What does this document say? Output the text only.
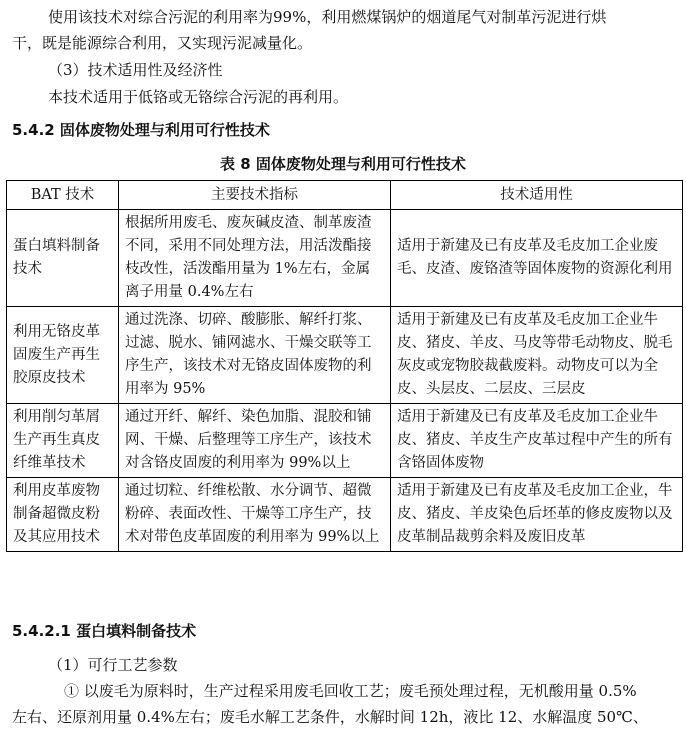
使用该技术对综合污泥的利用率为99%，利用燃煤锅炉的烟道尾气对制革污泥进行烘
干，既是能源综合利用，又实现污泥减量化。
（3）技术适用性及经济性
本技术适用于低铬或无铬综合污泥的再利用。
5.4.2 固体废物处理与利用可行性技术
表 8 固体废物处理与利用可行性技术
BAT 技术	主要技术指标	技术适用性
蛋白填料制备技术	根据所用废毛、废灰碱皮渣、制革废渣不同，采用不同处理方法，用活泼酯接枝改性，活泼酯用量为 1%左右，金属离子用量 0.4%左右	适用于新建及已有皮革及毛皮加工企业废毛、皮渣、废铬渣等固体废物的资源化利用
利用无铬皮革固废生产再生胶原皮技术	通过洗涤、切碎、酸膨胀、解纤打浆、过滤、脱水、铺网滤水、干燥交联等工序生产，该技术对无铬皮固体废物的利用率为 95%	适用于新建及已有皮革及毛皮加工企业牛皮、猪皮、羊皮、马皮等带毛动物皮、脱毛灰皮或宠物胶裁截废料。动物皮可以为全皮、头层皮、二层皮、三层皮
利用削匀革屑生产再生真皮纤维革技术	通过开纤、解纤、染色加脂、混胶和铺网、干燥、后整理等工序生产，该技术对含铬皮固废的利用率为 99%以上	适用于新建及已有皮革及毛皮加工企业牛皮、猪皮、羊皮生产皮革过程中产生的所有含铬固体废物
利用皮革废物制备超微皮粉及其应用技术	通过切粒、纤维松散、水分调节、超微粉碎、表面改性、干燥等工序生产，技术对带色皮革固废的利用率为 99%以上	适用于新建及已有皮革及毛皮加工企业，牛皮、猪皮、羊皮染色后坯革的修皮废物以及皮革制品裁剪余料及废旧皮革
5.4.2.1 蛋白填料制备技术
（1）可行工艺参数
① 以废毛为原料时，生产过程采用废毛回收工艺；废毛预处理过程，无机酸用量 0.5%
左右、还原剂用量 0.4%左右；废毛水解工艺条件，水解时间 12h，液比 12、水解温度 50℃、
